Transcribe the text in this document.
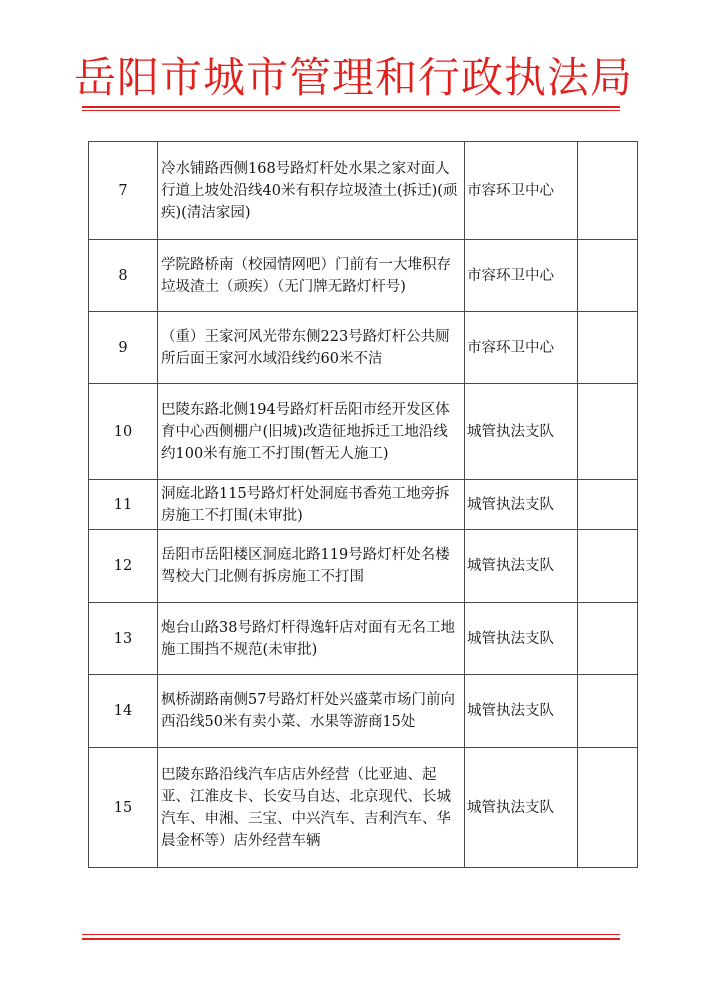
岳阳市城市管理和行政执法局
7	冷水铺路西侧168号路灯杆处水果之家对面人行道上坡处沿线40米有积存垃圾渣土(拆迁)(顽疾)(清洁家园)	市容环卫中心	
8	学院路桥南（校园情网吧）门前有一大堆积存垃圾渣土（顽疾）（无门牌无路灯杆号)	市容环卫中心	
9	（重）王家河风光带东侧223号路灯杆公共厕所后面王家河水域沿线约60米不洁	市容环卫中心	
10	巴陵东路北侧194号路灯杆岳阳市经开发区体育中心西侧棚户(旧城)改造征地拆迁工地沿线约100米有施工不打围(暂无人施工)	城管执法支队	
11	洞庭北路115号路灯杆处洞庭书香苑工地旁拆房施工不打围(未审批)	城管执法支队	
12	岳阳市岳阳楼区洞庭北路119号路灯杆处名楼驾校大门北侧有拆房施工不打围	城管执法支队	
13	炮台山路38号路灯杆得逸轩店对面有无名工地施工围挡不规范(未审批)	城管执法支队	
14	枫桥湖路南侧57号路灯杆处兴盛菜市场门前向西沿线50米有卖小菜、水果等游商15处	城管执法支队	
15	巴陵东路沿线汽车店店外经营（比亚迪、起亚、江淮皮卡、长安马自达、北京现代、长城汽车、申湘、三宝、中兴汽车、吉利汽车、华晨金杯等）店外经营车辆	城管执法支队	
